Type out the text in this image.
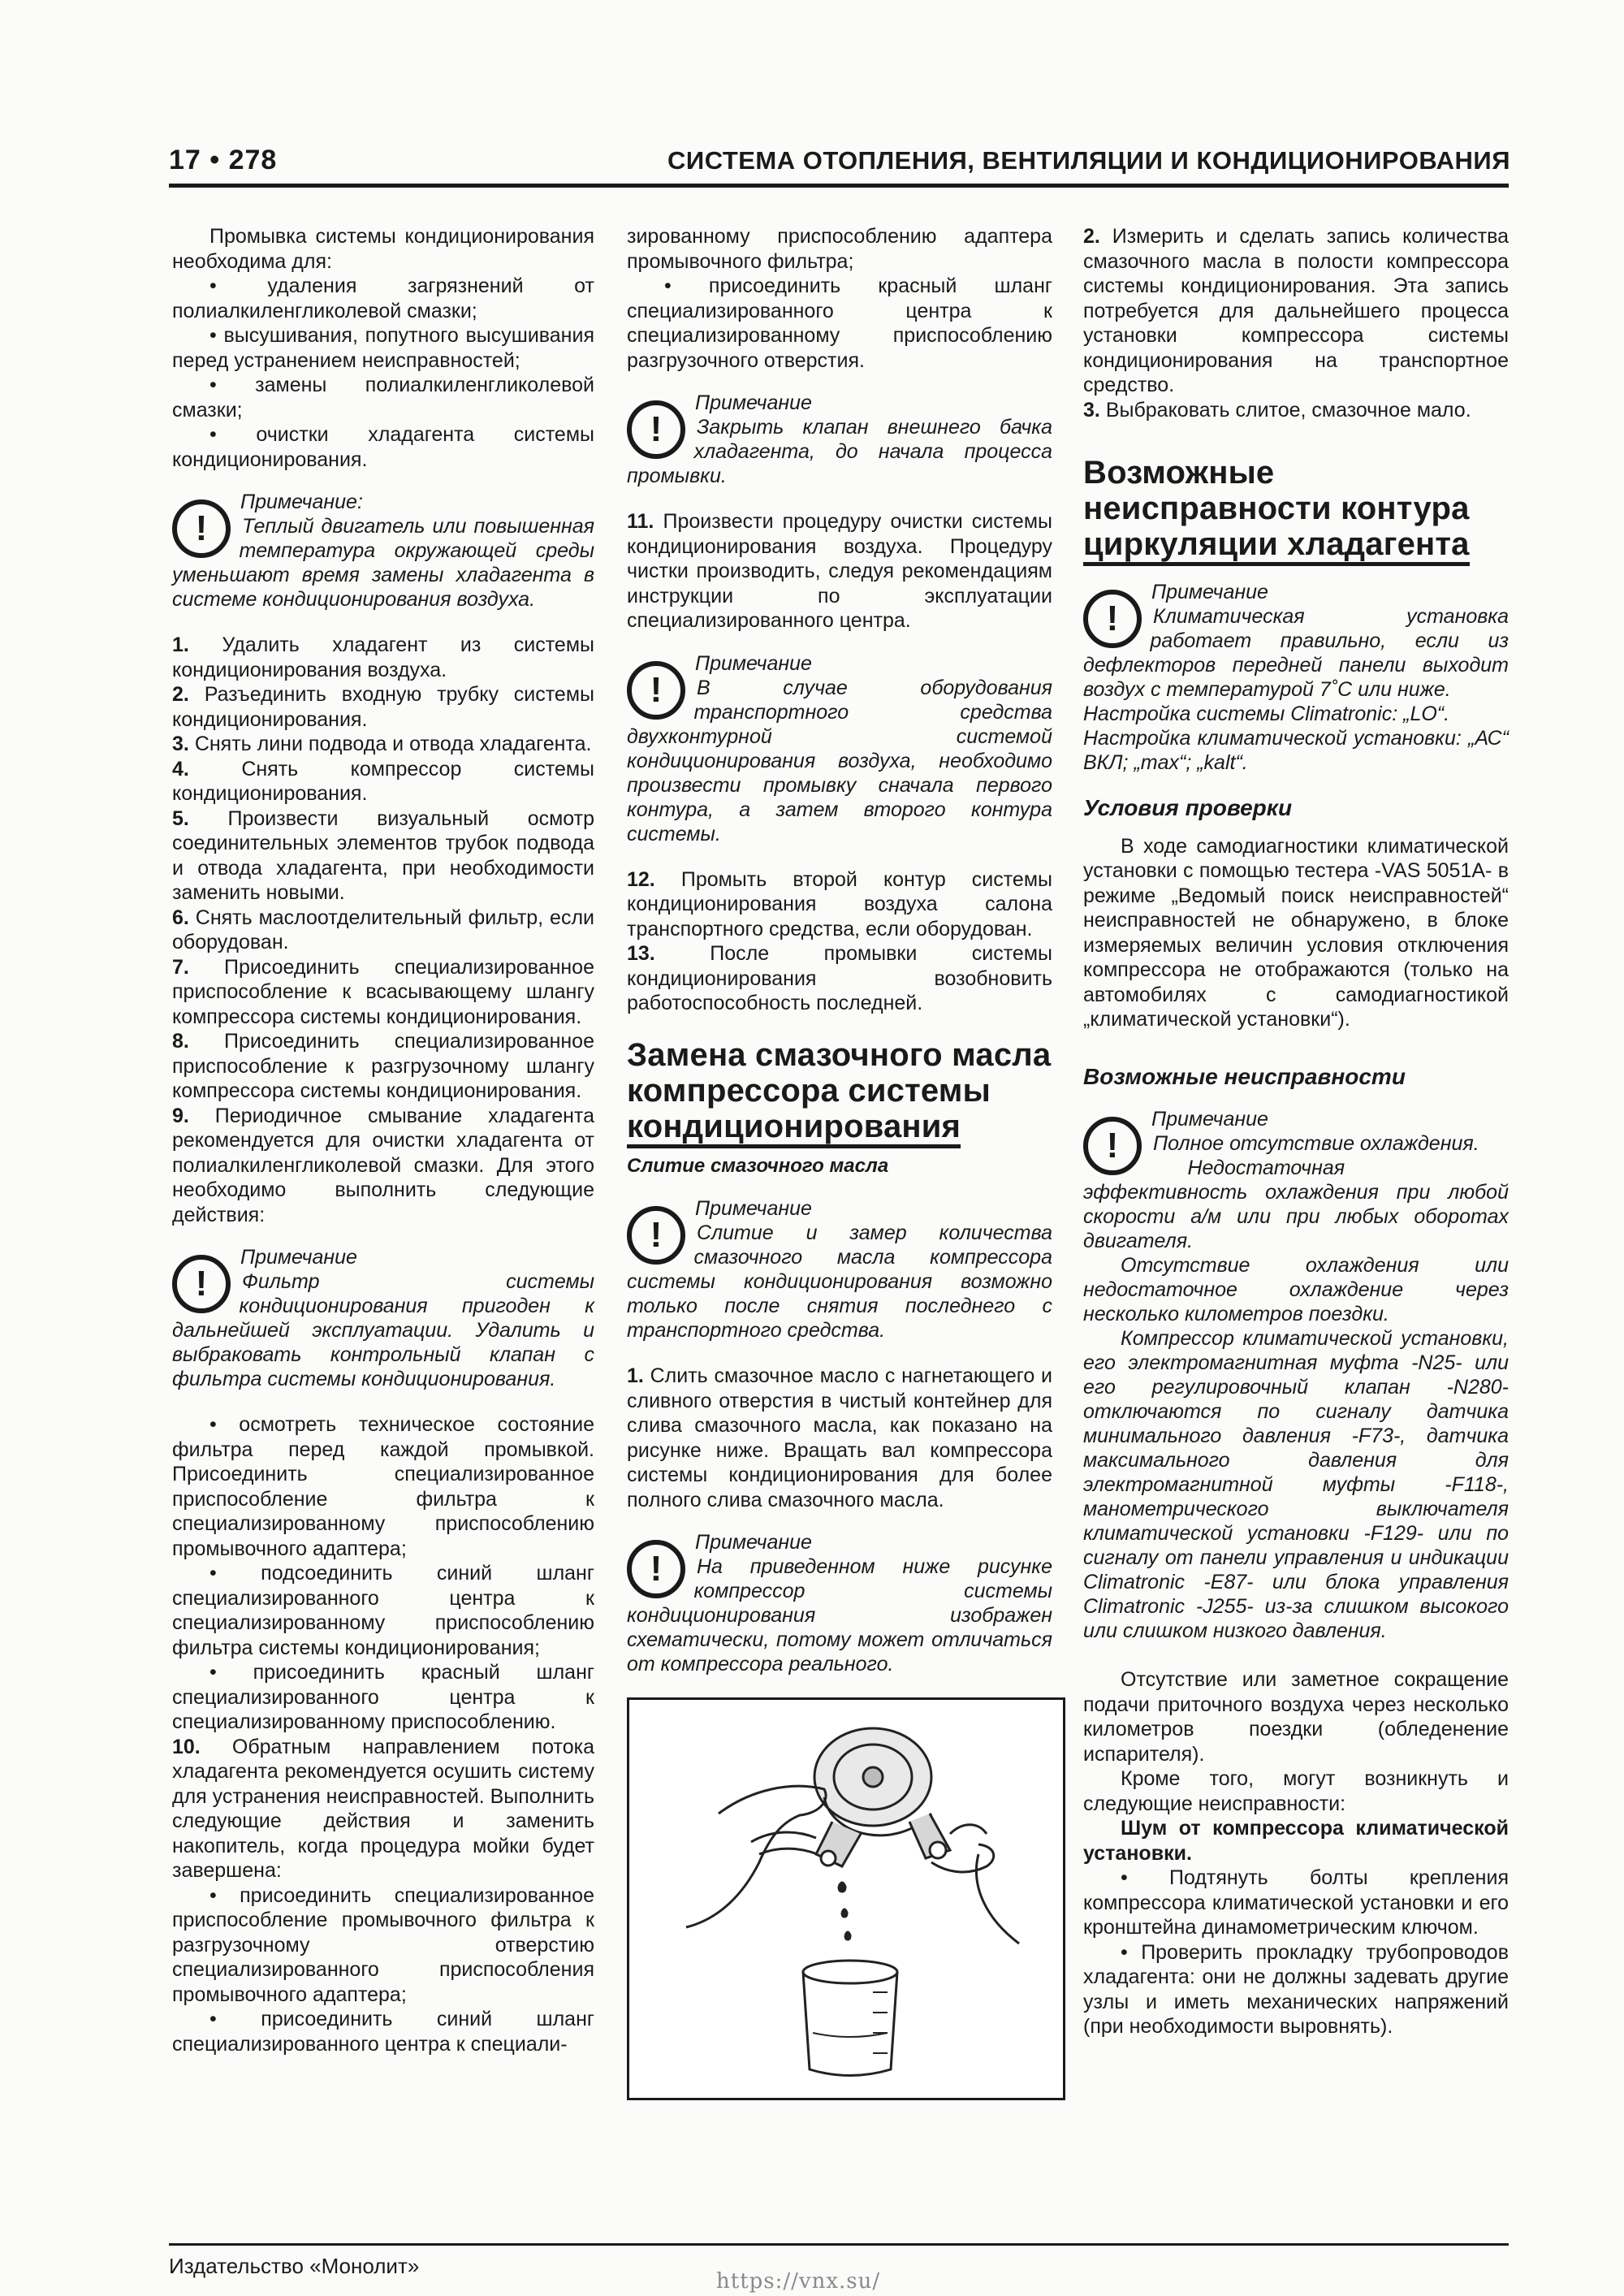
17 • 278	СИСТЕМА ОТОПЛЕНИЯ, ВЕНТИЛЯЦИИ И КОНДИЦИОНИРОВАНИЯ

Промывка системы кондиционирования необходима для:

• удаления загрязнений от полиалкиленгликолевой смазки;

• высушивания, попутного высушивания перед устранением неисправностей;

• замены полиалкиленгликолевой смазки;

• очистки хладагента системы кондиционирования.

!
Примечание:
Теплый двигатель или повышенная температура окружающей среды уменьшают время замены хладагента в системе кондиционирования воздуха.

1. Удалить хладагент из системы кондиционирования воздуха.

2. Разъединить входную трубку системы кондиционирования.

3. Снять лини подвода и отвода хладагента.

4.	Снять компрессор системы кондиционирования.

5. Произвести визуальный осмотр соединительных элементов трубок подвода и отвода хладагента, при необходимости заменить новыми.

6. Снять маслоотделительный фильтр, если оборудован.

7. Присоединить специализированное приспособление к всасывающему шлангу компрессора системы кондиционирования.

8. Присоединить специализированное приспособление к разгрузочному шлангу компрессора системы кондиционирования.

9. Периодичное смывание хладагента рекомендуется для очистки хладагента от полиалкиленгликолевой смазки. Для этого необходимо выполнить следующие действия:

!
Примечание
Фильтр системы кондиционирования пригоден к дальнейшей эксплуатации. Удалить и выбраковать контрольный клапан с фильтра системы кондиционирования.

• осмотреть техническое состояние фильтра перед каждой промывкой. Присоединить специализированное приспособление фильтра к специализированному приспособлению промывочного адаптера;

• подсоединить синий шланг специализированного центра к специализированному приспособлению фильтра системы кондиционирования;

• присоединить красный шланг специализированного центра к специализированному приспособлению.

10. Обратным направлением потока хладагента рекомендуется осушить систему для устранения неисправностей. Выполнить следующие действия и заменить накопитель, когда процедура мойки будет завершена:

• присоединить специализированное приспособление промывочного фильтра к разгрузочному отверстию специализированного приспособления промывочного адаптера;

• присоединить синий шланг специализированного центра к специали-

зированному приспособлению адаптера промывочного фильтра;

• присоединить красный шланг специализированного центра к специализированному приспособлению разгрузочного отверстия.

!
Примечание
Закрыть клапан внешнего бачка хладагента, до начала процесса промывки.

11. Произвести процедуру очистки системы кондиционирования воздуха. Процедуру чистки производить, следуя рекомендациям инструкции по эксплуатации специализированного центра.

!
Примечание
В случае оборудования транспортного средства двухконтурной системой кондиционирования воздуха, необходимо произвести промывку сначала первого контура, а затем второго контура системы.

12. Промыть второй контур системы кондиционирования воздуха салона транспортного средства, если оборудован.

13.	После промывки системы кондиционирования возобновить работоспособность последней.

Замена смазочного масла компрессора системы
кондиционирования
Слитие смазочного масла
!
Примечание
Слитие и замер количества смазочного масла компрессора системы кондиционирования возможно только после снятия последнего с транспортного средства.

1. Слить смазочное масло с нагнетающего и сливного отверстия в чистый контейнер для слива смазочного масла, как показано на рисунке ниже. Вращать вал компрессора системы кондиционирования для более полного слива смазочного масла.

!
Примечание
На приведенном ниже рисунке компрессор системы кондиционирования изображен схематически, потому может отличаться от компрессора реального.

2. Измерить и сделать запись количества смазочного масла в полости компрессора системы кондиционирования. Эта запись потребуется для дальнейшего процесса установки компрессора системы кондиционирования на транспортное средство.

3. Выбраковать слитое, смазочное мало.

Возможные неисправности контура
циркуляции хладагента
!
Примечание
Климатическая установка работает правильно, если из дефлекторов передней панели выходит воздух с температурой 7˚С или ниже.
Настройка системы Climatronic: „LO“.
Настройка климатической установки: „АС“ ВКЛ; „max“; „kalt“.
Условия проверки

В ходе самодиагностики климатической установки с помощью тестера -VAS 5051A- в режиме „Ведомый поиск неисправностей“ неисправностей не обнаружено, в блоке измеряемых величин условия отключения компрессора не отображаются (только на автомобилях с самодиагностикой „климатической установки“).

Возможные неисправности
!
Примечание
Полное отсутствие охлаждения.
Недостаточная эффективность охлаждения при любой скорости а/м или при любых оборотах двигателя.
Отсутствие охлаждения или недостаточное охлаждение через несколько километров поездки.
Компрессор климатической установки, его электромагнитная муфта -N25- или его регулировочный клапан -N280- отключаются по сигналу датчика минимального давления -F73-, датчика максимального давления для электромагнитной муфты -F118-, манометрического выключателя климатической установки -F129- или по сигналу от панели управления и индикации Climatronic -E87- или блока управления Climatronic -J255- из-за слишком высокого или слишком низкого давления.

Отсутствие или заметное сокращение подачи приточного воздуха через несколько километров поездки (обледенение испарителя).

Кроме того, могут возникнуть и следующие неисправности:

Шум от компрессора климатической установки.

• Подтянуть болты крепления компрессора климатической установки и его кронштейна динамометрическим ключом.

• Проверить прокладку трубопроводов хладагента: они не должны задевать другие узлы и иметь механических напряжений (при необходимости выровнять).

Издательство «Монолит»
https://vnx.su/
